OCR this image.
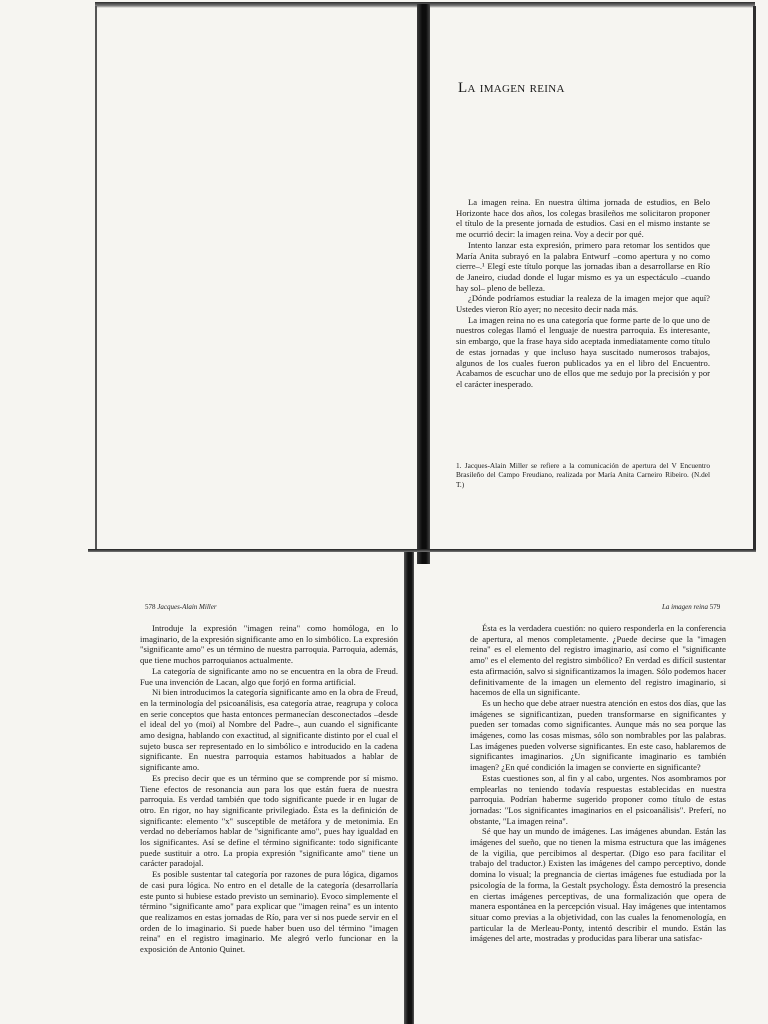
La imagen reina

La imagen reina. En nuestra última jornada de estudios, en Belo Horizonte hace dos años, los colegas brasileños me solicitaron proponer el título de la presente jornada de estudios. Casi en el mismo instante se me ocurrió decir: la imagen reina. Voy a decir por qué.

Intento lanzar esta expresión, primero para retomar los sentidos que María Anita subrayó en la palabra Entwurf –como apertura y no como cierre–.¹ Elegí este título porque las jornadas iban a desarrollarse en Río de Janeiro, ciudad donde el lugar mismo es ya un espectáculo –cuando hay sol– pleno de belleza.

¿Dónde podríamos estudiar la realeza de la imagen mejor que aquí? Ustedes vieron Río ayer; no necesito decir nada más.

La imagen reina no es una categoría que forme parte de lo que uno de nuestros colegas llamó el lenguaje de nuestra parroquia. Es interesante, sin embargo, que la frase haya sido aceptada inmediatamente como título de estas jornadas y que incluso haya suscitado numerosos trabajos, algunos de los cuales fueron publicados ya en el libro del Encuentro. Acabamos de escuchar uno de ellos que me sedujo por la precisión y por el carácter inesperado.

1. Jacques-Alain Miller se refiere a la comunicación de apertura del V Encuentro Brasileño del Campo Freudiano, realizada por María Anita Carneiro Ribeiro. (N.del T.)
578 Jacques-Alain Miller

Introduje la expresión "imagen reina" como homóloga, en lo imaginario, de la expresión significante amo en lo simbólico. La expresión "significante amo" es un término de nuestra parroquia. Parroquia, además, que tiene muchos parroquianos actualmente.

La categoría de significante amo no se encuentra en la obra de Freud. Fue una invención de Lacan, algo que forjó en forma artificial.

Ni bien introducimos la categoría significante amo en la obra de Freud, en la terminología del psicoanálisis, esa categoría atrae, reagrupa y coloca en serie conceptos que hasta entonces permanecían desconectados –desde el ideal del yo (moi) al Nombre del Padre–, aun cuando el significante amo designa, hablando con exactitud, al significante distinto por el cual el sujeto busca ser representado en lo simbólico e introducido en la cadena significante. En nuestra parroquia estamos habituados a hablar de significante amo.

Es preciso decir que es un término que se comprende por sí mismo. Tiene efectos de resonancia aun para los que están fuera de nuestra parroquia. Es verdad también que todo significante puede ir en lugar de otro. En rigor, no hay significante privilegiado. Ésta es la definición de significante: elemento "x" susceptible de metáfora y de metonimia. En verdad no deberíamos hablar de "significante amo", pues hay igualdad en los significantes. Así se define el término significante: todo significante puede sustituir a otro. La propia expresión "significante amo" tiene un carácter paradojal.

Es posible sustentar tal categoría por razones de pura lógica, digamos de casi pura lógica. No entro en el detalle de la categoría (desarrollaría este punto si hubiese estado previsto un seminario). Evoco simplemente el término "significante amo" para explicar que "imagen reina" es un intento que realizamos en estas jornadas de Río, para ver si nos puede servir en el orden de lo imaginario. Si puede haber buen uso del término "imagen reina" en el registro imaginario. Me alegró verlo funcionar en la exposición de Antonio Quinet.

La imagen reina 579

Ésta es la verdadera cuestión: no quiero responderla en la conferencia de apertura, al menos completamente. ¿Puede decirse que la "imagen reina" es el elemento del registro imaginario, así como el "significante amo" es el elemento del registro simbólico? En verdad es difícil sustentar esta afirmación, salvo si significantizamos la imagen. Sólo podemos hacer definitivamente de la imagen un elemento del registro imaginario, si hacemos de ella un significante.

Es un hecho que debe atraer nuestra atención en estos dos días, que las imágenes se significantizan, pueden transformarse en significantes y pueden ser tomadas como significantes. Aunque más no sea porque las imágenes, como las cosas mismas, sólo son nombrables por las palabras. Las imágenes pueden volverse significantes. En este caso, hablaremos de significantes imaginarios. ¿Un significante imaginario es también imagen? ¿En qué condición la imagen se convierte en significante?

Estas cuestiones son, al fin y al cabo, urgentes. Nos asombramos por emplearlas no teniendo todavía respuestas establecidas en nuestra parroquia. Podrían haberme sugerido proponer como título de estas jornadas: "Los significantes imaginarios en el psicoanálisis". Preferí, no obstante, "La imagen reina".

Sé que hay un mundo de imágenes. Las imágenes abundan. Están las imágenes del sueño, que no tienen la misma estructura que las imágenes de la vigilia, que percibimos al despertar. (Digo eso para facilitar el trabajo del traductor.) Existen las imágenes del campo perceptivo, donde domina lo visual; la pregnancia de ciertas imágenes fue estudiada por la psicología de la forma, la Gestalt psychology. Ésta demostró la presencia en ciertas imágenes perceptivas, de una formalización que opera de manera espontánea en la percepción visual. Hay imágenes que intentamos situar como previas a la objetividad, con las cuales la fenomenología, en particular la de Merleau-Ponty, intentó describir el mundo. Están las imágenes del arte, mostradas y producidas para liberar una satisfac-
